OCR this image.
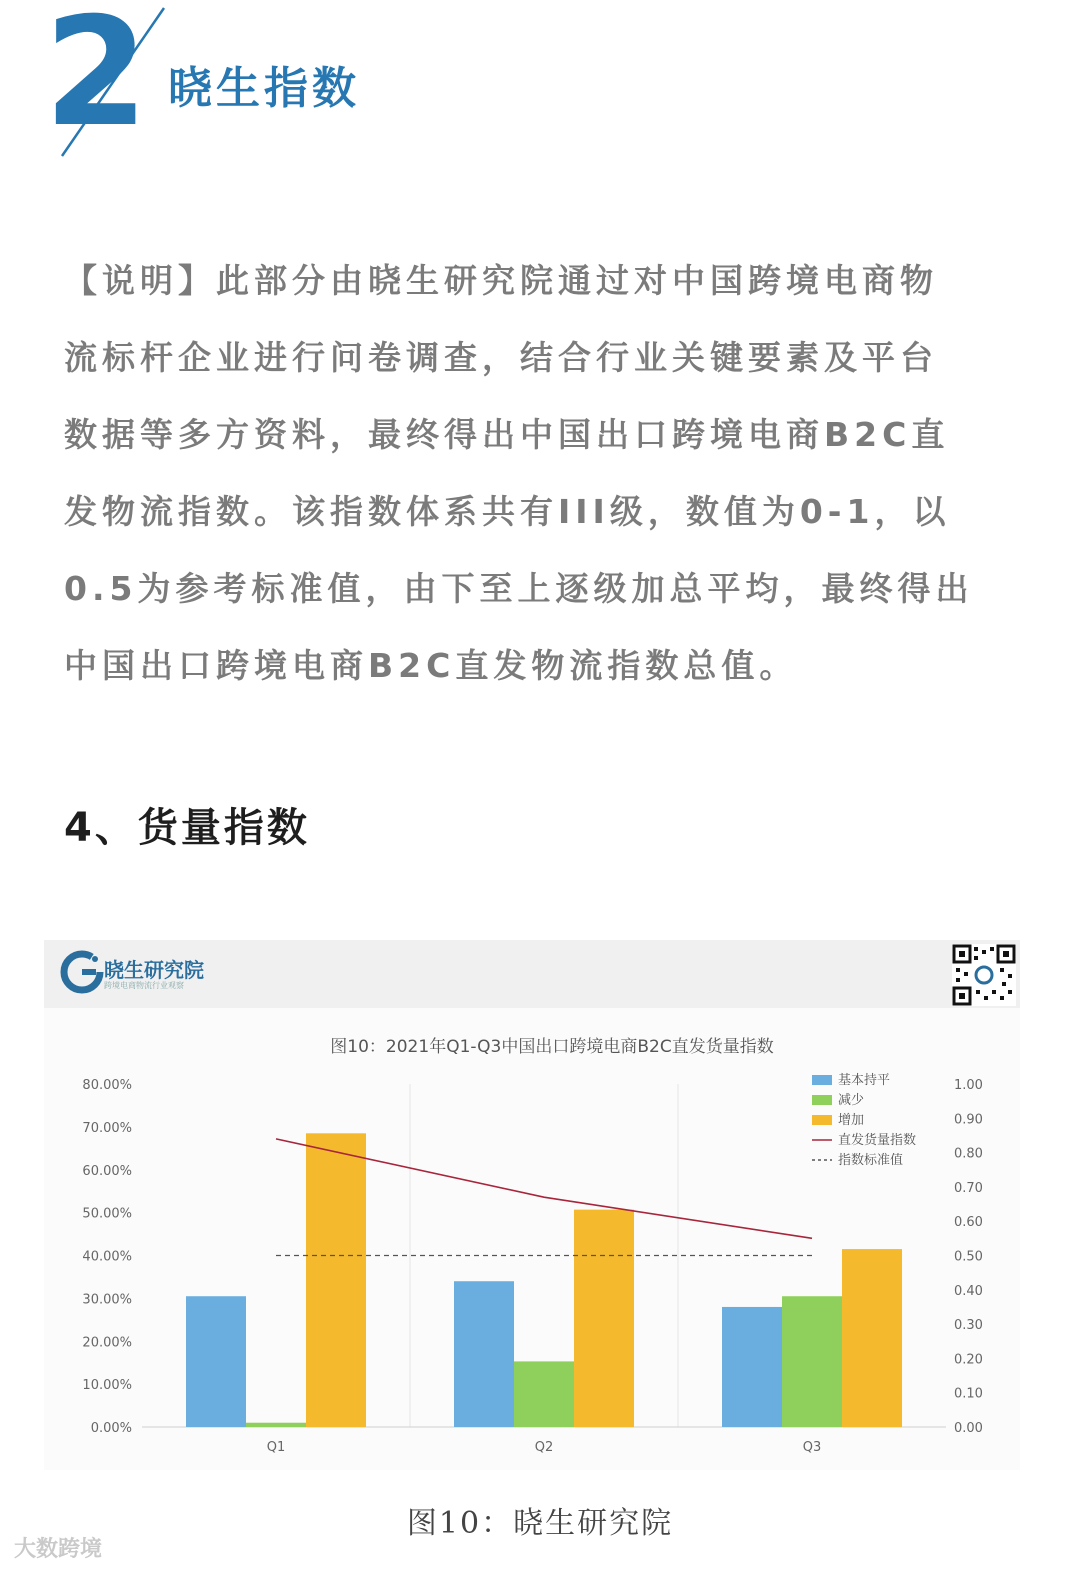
2 晓生指数
【说明】此部分由晓生研究院通过对中国跨境电商物
流标杆企业进行问卷调查，结合行业关键要素及平台
数据等多方资料，最终得出中国出口跨境电商B2C直
发物流指数。该指数体系共有III级，数值为0-1，以
0.5为参考标准值，由下至上逐级加总平均，最终得出
中国出口跨境电商B2C直发物流指数总值。
4、货量指数
晓生研究院
跨境电商物流行业观察
图10：2021年Q1-Q3中国出口跨境电商B2C直发货量指数
0.00%
10.00%
20.00%
30.00%
40.00%
50.00%
60.00%
70.00%
80.00%
0.00
0.10
0.20
0.30
0.40
0.50
0.60
0.70
0.80
0.90
1.00
Q1	Q2	Q3
基本持平
减少
增加
直发货量指数
指数标准值
图10：晓生研究院
大数跨境
